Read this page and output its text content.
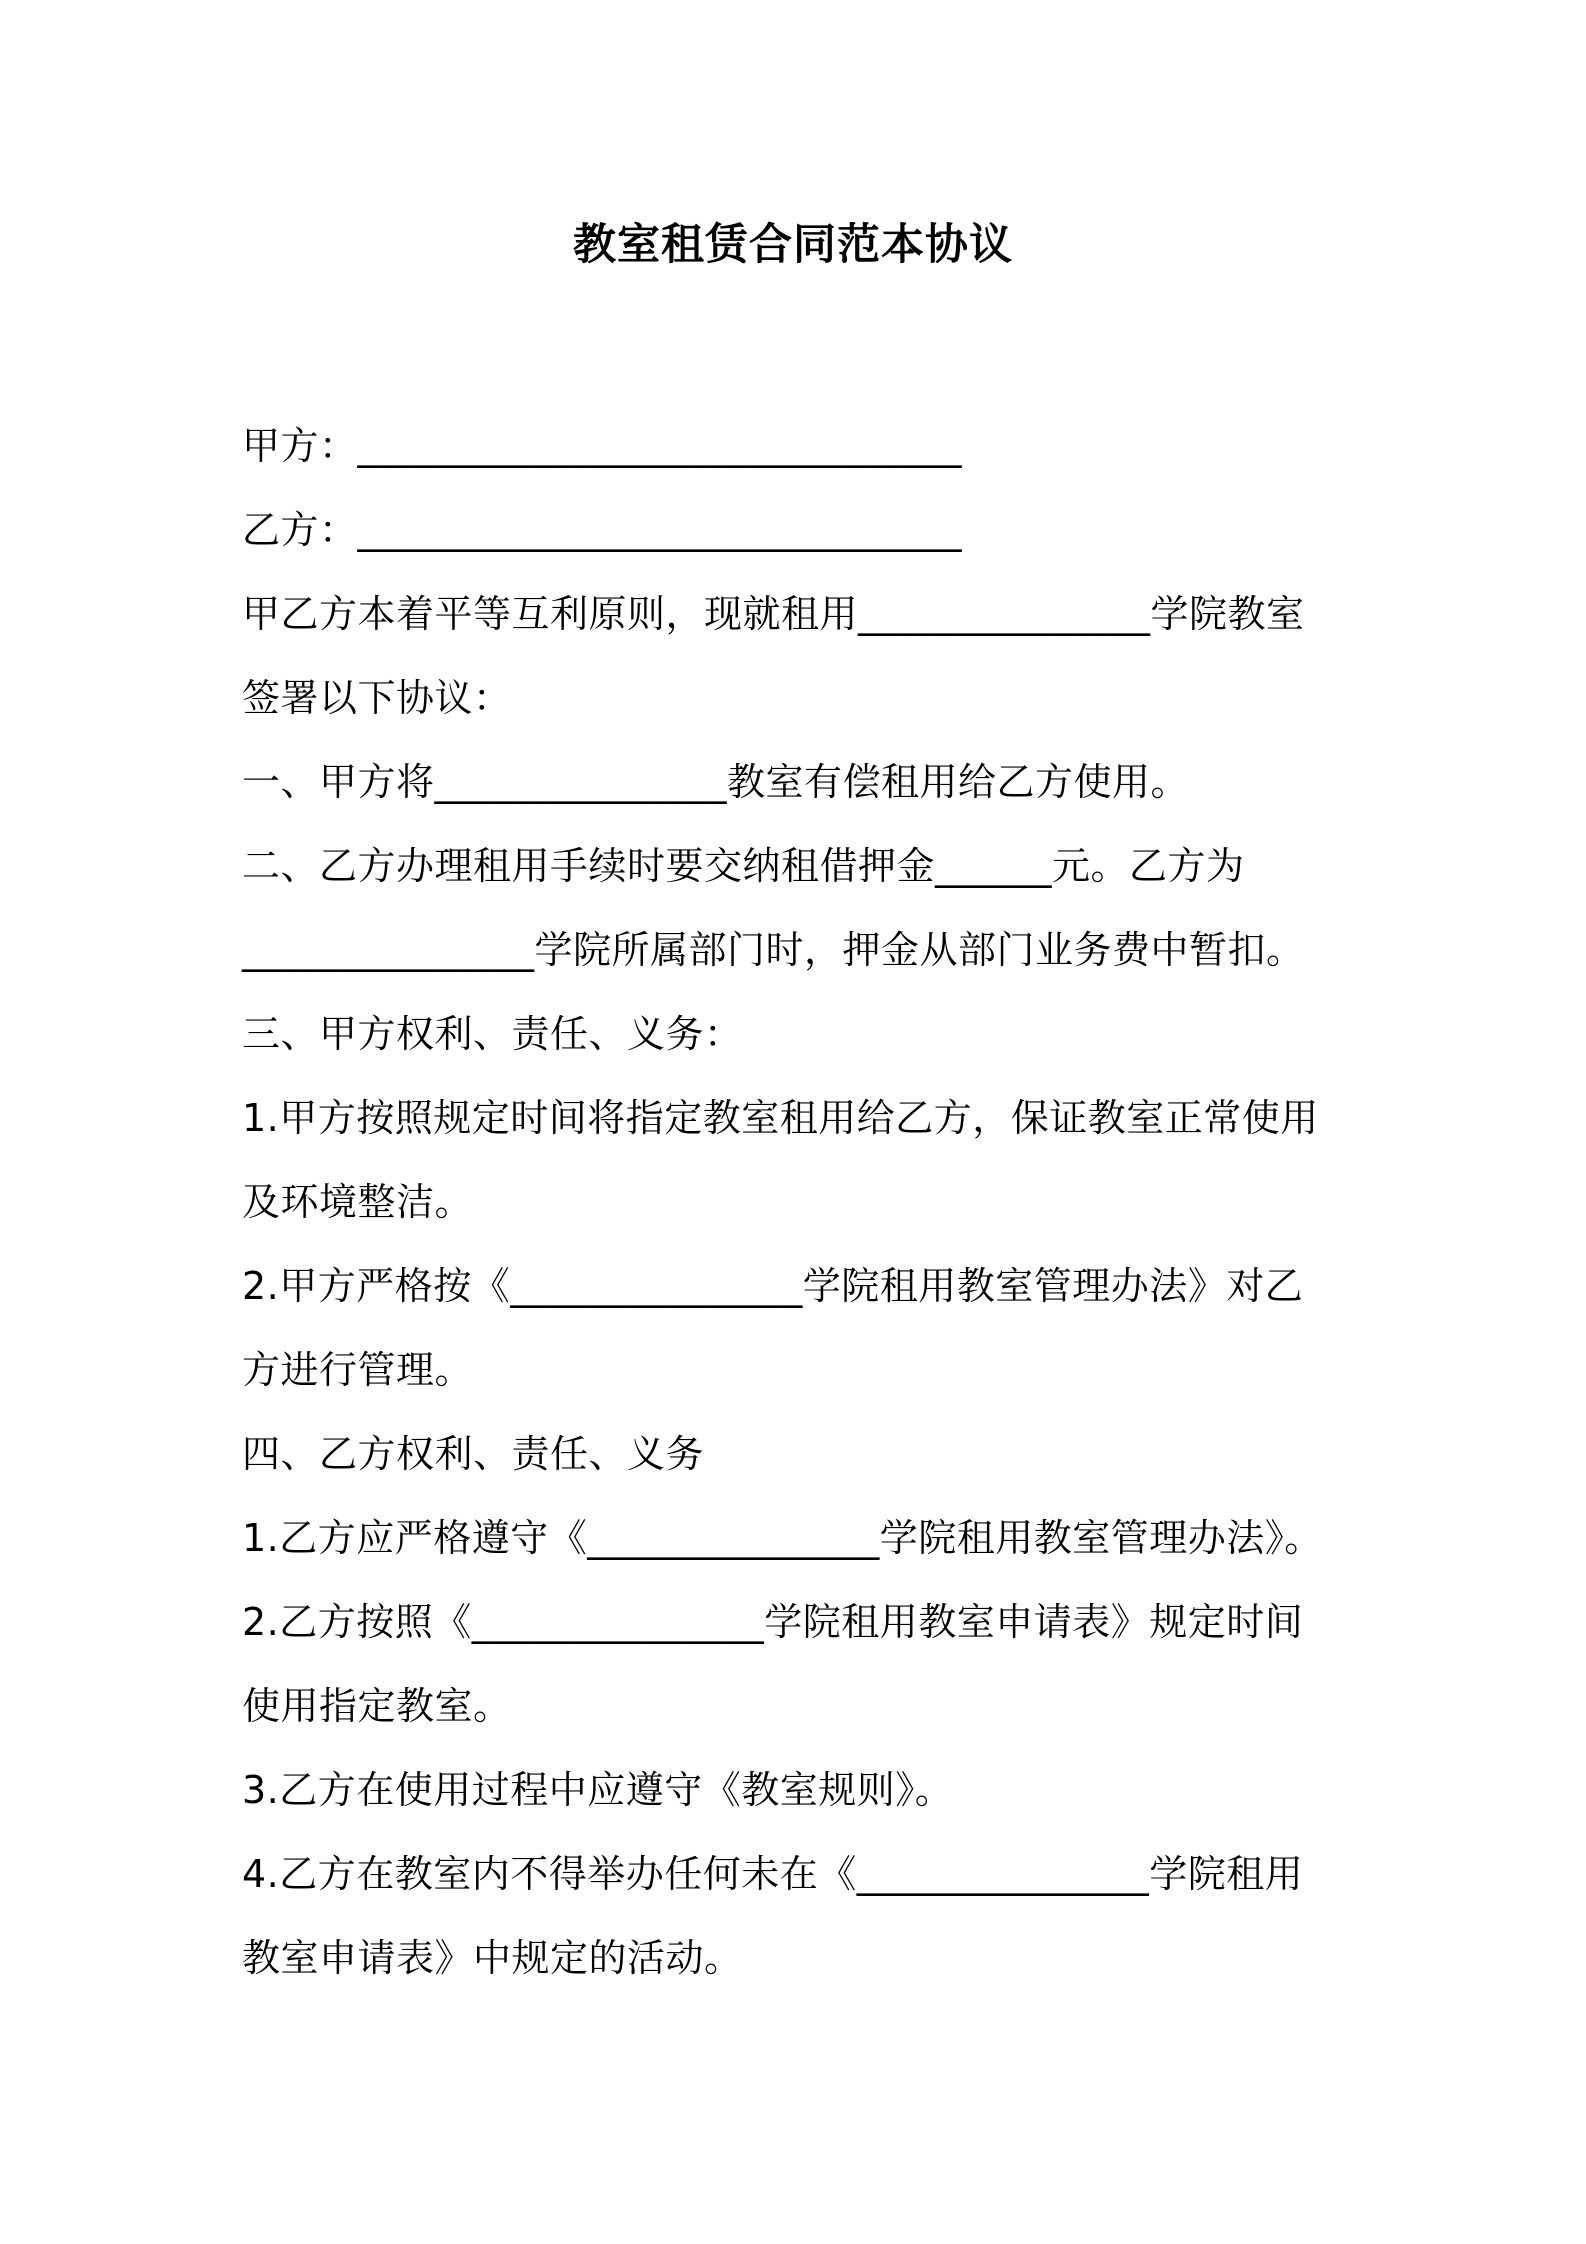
教室租赁合同范本协议
甲方：_______________________________
乙方：_______________________________
甲乙方本着平等互利原则，现就租用_______________学院教室
签署以下协议：
一、甲方将_______________教室有偿租用给乙方使用。
二、乙方办理租用手续时要交纳租借押金______元。乙方为
_______________学院所属部门时，押金从部门业务费中暂扣。
三、甲方权利、责任、义务：
1.甲方按照规定时间将指定教室租用给乙方，保证教室正常使用
及环境整洁。
2.甲方严格按《_______________学院租用教室管理办法》对乙
方进行管理。
四、乙方权利、责任、义务
1.乙方应严格遵守《_______________学院租用教室管理办法》。
2.乙方按照《_______________学院租用教室申请表》规定时间
使用指定教室。
3.乙方在使用过程中应遵守《教室规则》。
4.乙方在教室内不得举办任何未在《_______________学院租用
教室申请表》中规定的活动。
